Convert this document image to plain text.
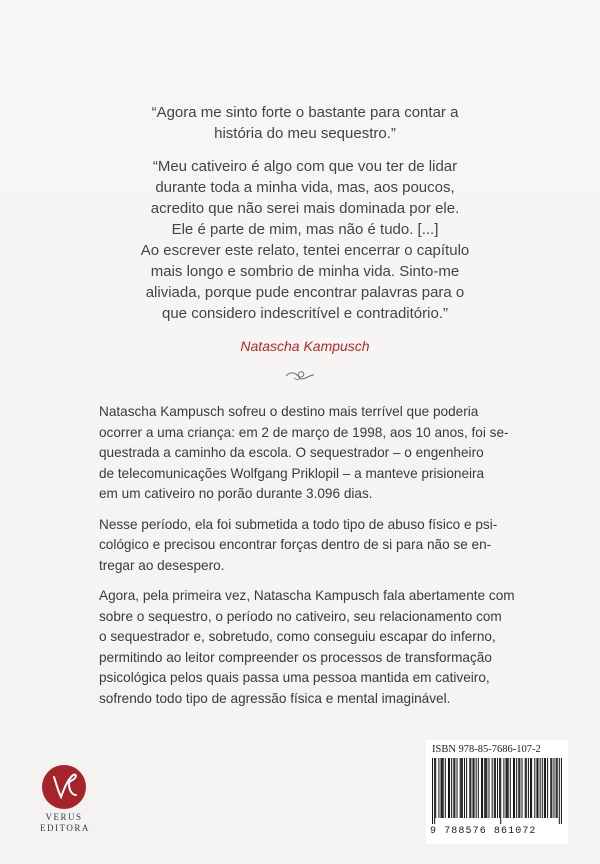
“Agora me sinto forte o bastante para contar a
história do meu sequestro.”

“Meu cativeiro é algo com que vou ter de lidar
durante toda a minha vida, mas, aos poucos,
acredito que não serei mais dominada por ele.
Ele é parte de mim, mas não é tudo. [...]
Ao escrever este relato, tentei encerrar o capítulo
mais longo e sombrio de minha vida. Sinto-me
aliviada, porque pude encontrar palavras para o
que considero indescritível e contraditório.”

Natascha Kampusch

Natascha Kampusch sofreu o destino mais terrível que poderia
ocorrer a uma criança: em 2 de março de 1998, aos 10 anos, foi se-
questrada a caminho da escola. O sequestrador – o engenheiro
de telecomunicações Wolfgang Priklopil – a manteve prisioneira
em um cativeiro no porão durante 3.096 dias.

Nesse período, ela foi submetida a todo tipo de abuso físico e psi-
cológico e precisou encontrar forças dentro de si para não se en-
tregar ao desespero.

Agora, pela primeira vez, Natascha Kampusch fala abertamente com
sobre o sequestro, o período no cativeiro, seu relacionamento com
o sequestrador e, sobretudo, como conseguiu escapar do inferno,
permitindo ao leitor compreender os processos de transformação
psicológica pelos quais passa uma pessoa mantida em cativeiro,
sofrendo todo tipo de agressão física e mental imaginável.

VERUS
EDITORA
ISBN 978-85-7686-107-2
9 788576 861072
